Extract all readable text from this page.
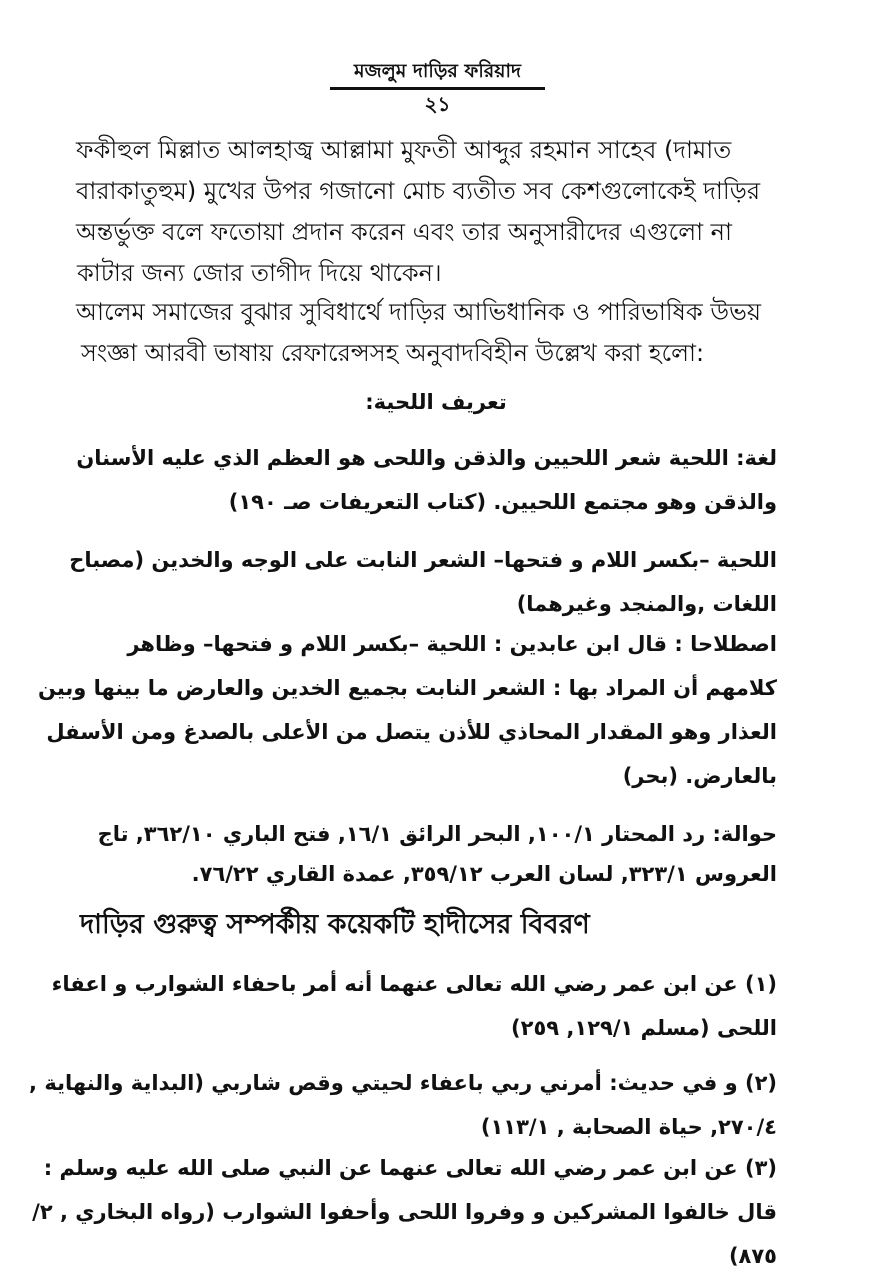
মজলুম দাড়ির ফরিয়াদ
২১
ফকীহুল মিল্লাত আলহাজ্ব আল্লামা মুফতী আব্দুর রহমান সাহেব (দামাত
বারাকাতুহুম) মুখের উপর গজানো মোচ ব্যতীত সব কেশগুলোকেই দাড়ির
অন্তর্ভুক্ত বলে ফতোয়া প্রদান করেন এবং তার অনুসারীদের এগুলো না
কাটার জন্য জোর তাগীদ দিয়ে থাকেন।
আলেম সমাজের বুঝার সুবিধার্থে দাড়ির আভিধানিক ও পারিভাষিক উভয়
সংজ্ঞা আরবী ভাষায় রেফারেন্সসহ অনুবাদবিহীন উল্লেখ করা হলো:
تعريف اللحية:
لغة: اللحية شعر اللحيين والذقن واللحى هو العظم الذي عليه الأسنان
والذقن وهو مجتمع اللحيين. (كتاب التعريفات صـ ١٩٠)
اللحية –بكسر اللام و فتحها– الشعر النابت على الوجه والخدين (مصباح
اللغات ,والمنجد وغيرهما)
اصطلاحا : قال ابن عابدين : اللحية –بكسر اللام و فتحها– وظاهر
كلامهم أن المراد بها : الشعر النابت بجميع الخدين والعارض ما بينها وبين
العذار وهو المقدار المحاذي للأذن يتصل من الأعلى بالصدغ ومن الأسفل
بالعارض. (بحر)
حوالة: رد المحتار ١٠٠/١, البحر الرائق ١٦/١, فتح الباري ٣٦٢/١٠, تاج
العروس ٣٢٣/١, لسان العرب ٣٥٩/١٢, عمدة القاري ٧٦/٢٢.
দাড়ির গুরুত্ব সম্পর্কীয় কয়েকটি হাদীসের বিবরণ
(١) عن ابن عمر رضي الله تعالى عنهما أنه أمر باحفاء الشوارب و اعفاء
اللحى (مسلم ١٢٩/١, ٢٥٩)
(٢) و في حديث: أمرني ربي باعفاء لحيتي وقص شاربي (البداية والنهاية ,
٢٧٠/٤, حياة الصحابة , ١١٣/١)
(٣) عن ابن عمر رضي الله تعالى عنهما عن النبي صلى الله عليه وسلم :
قال خالفوا المشركين و وفروا اللحى وأحفوا الشوارب (رواه البخاري , ٢/
٨٧٥)
